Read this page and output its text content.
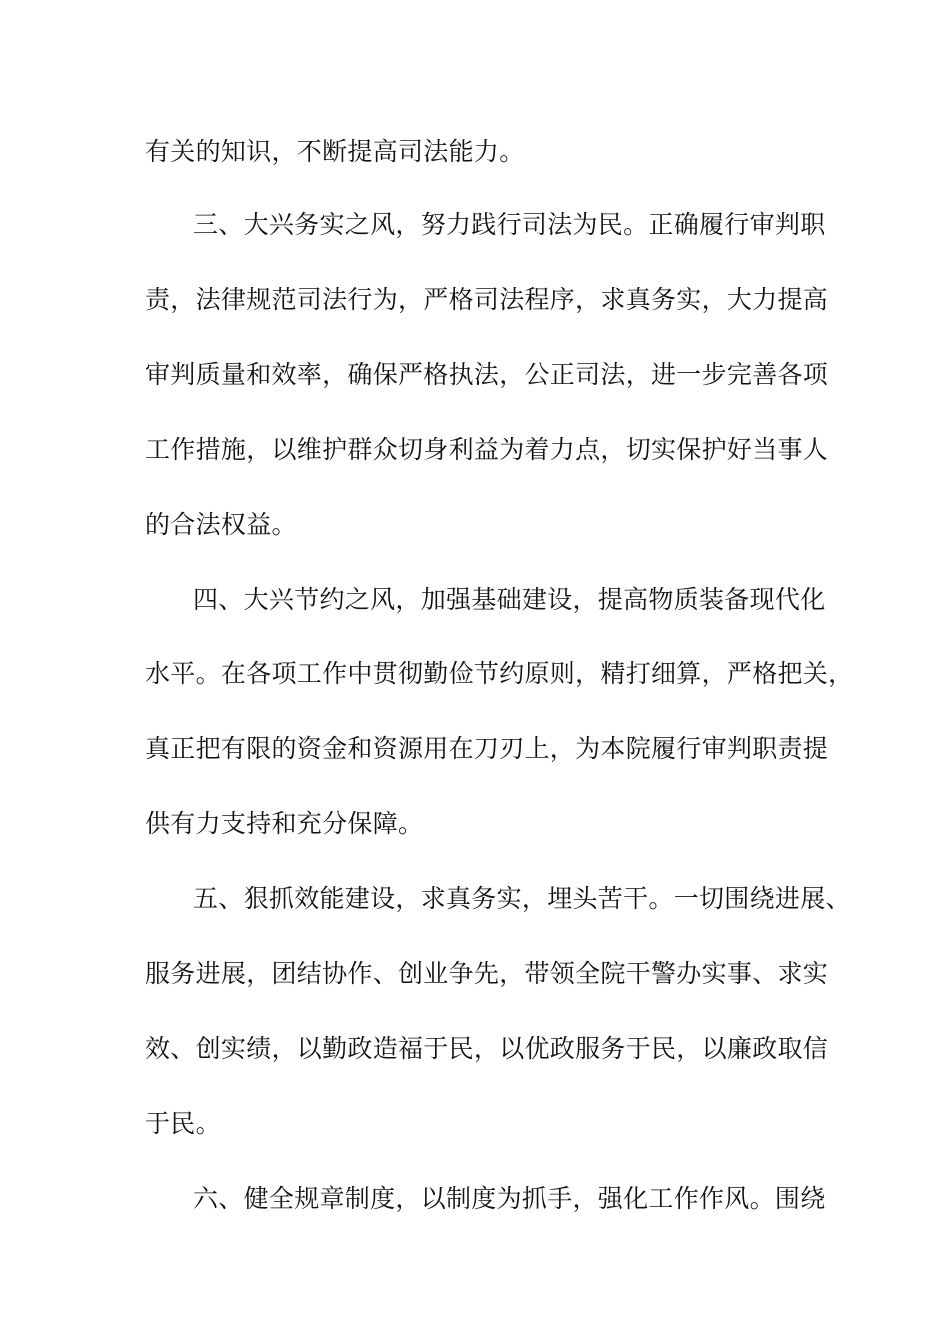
有关的知识，不断提高司法能力。
三、大兴务实之风，努力践行司法为民。正确履行审判职
责，法律规范司法行为，严格司法程序，求真务实，大力提高
审判质量和效率，确保严格执法，公正司法，进一步完善各项
工作措施，以维护群众切身利益为着力点，切实保护好当事人
的合法权益。
四、大兴节约之风，加强基础建设，提高物质装备现代化
水平。在各项工作中贯彻勤俭节约原则，精打细算，严格把关，
真正把有限的资金和资源用在刀刃上，为本院履行审判职责提
供有力支持和充分保障。
五、狠抓效能建设，求真务实，埋头苦干。一切围绕进展、
服务进展，团结协作、创业争先，带领全院干警办实事、求实
效、创实绩，以勤政造福于民，以优政服务于民，以廉政取信
于民。
六、健全规章制度，以制度为抓手，强化工作作风。围绕
